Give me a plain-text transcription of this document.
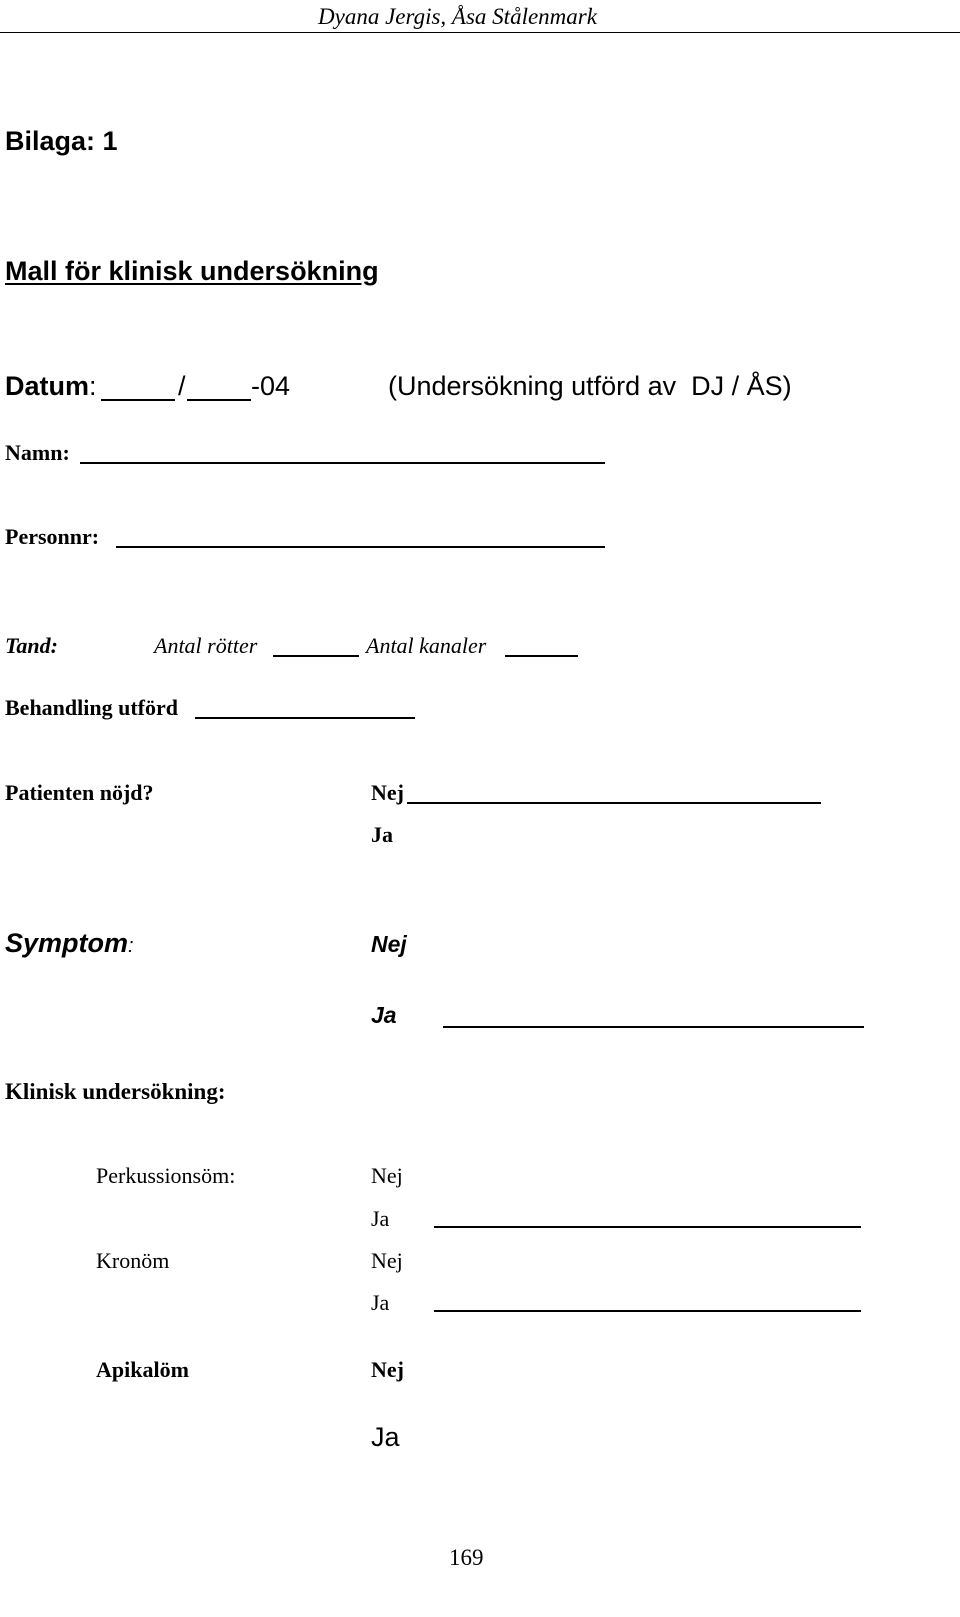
Dyana Jergis, Åsa Stålenmark
Bilaga: 1
Mall för klinisk undersökning
Datum:	/ -04	(Undersökning utförd av  DJ / ÅS)
Namn:
Personnr:
Tand:	Antal rötter	Antal kanaler
Behandling utförd
Patienten nöjd?	Nej
Ja
Symptom:	Nej
Ja
Klinisk undersökning:
Perkussionsöm:	Nej
Ja
Kronöm	Nej
Ja
Apikalöm	Nej
Ja
169
